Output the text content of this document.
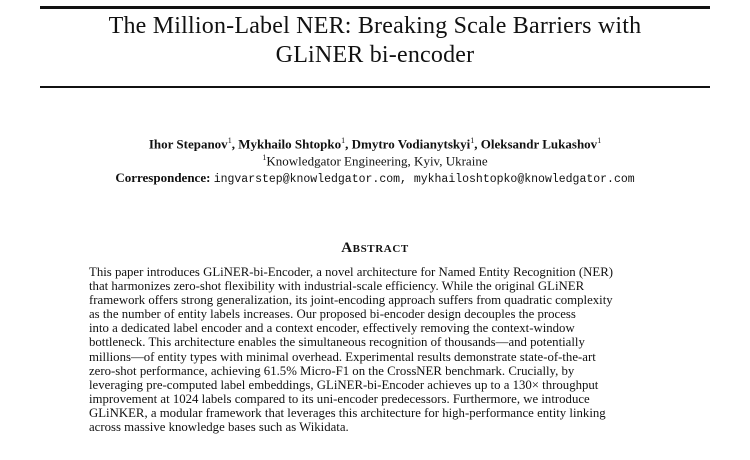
The Million-Label NER: Breaking Scale Barriers with
GLiNER bi-encoder
Ihor Stepanov$^1$, Mykhailo Shtopko$^1$, Dmytro Vodianytskyi$^1$, Oleksandr Lukashov$^1$
$^1$Knowledgator Engineering, Kyiv, Ukraine
Correspondence: ingvarstep@knowledgator.com, mykhailoshtopko@knowledgator.com
Abstract
This paper introduces GLiNER-bi-Encoder, a novel architecture for Named Entity Recognition (NER)
that harmonizes zero-shot flexibility with industrial-scale efficiency. While the original GLiNER
framework offers strong generalization, its joint-encoding approach suffers from quadratic complexity
as the number of entity labels increases. Our proposed bi-encoder design decouples the process
into a dedicated label encoder and a context encoder, effectively removing the context-window
bottleneck. This architecture enables the simultaneous recognition of thousands—and potentially
millions—of entity types with minimal overhead. Experimental results demonstrate state-of-the-art
zero-shot performance, achieving 61.5% Micro-F1 on the CrossNER benchmark. Crucially, by
leveraging pre-computed label embeddings, GLiNER-bi-Encoder achieves up to a 130× throughput
improvement at 1024 labels compared to its uni-encoder predecessors. Furthermore, we introduce
GLiNKER, a modular framework that leverages this architecture for high-performance entity linking
across massive knowledge bases such as Wikidata.
